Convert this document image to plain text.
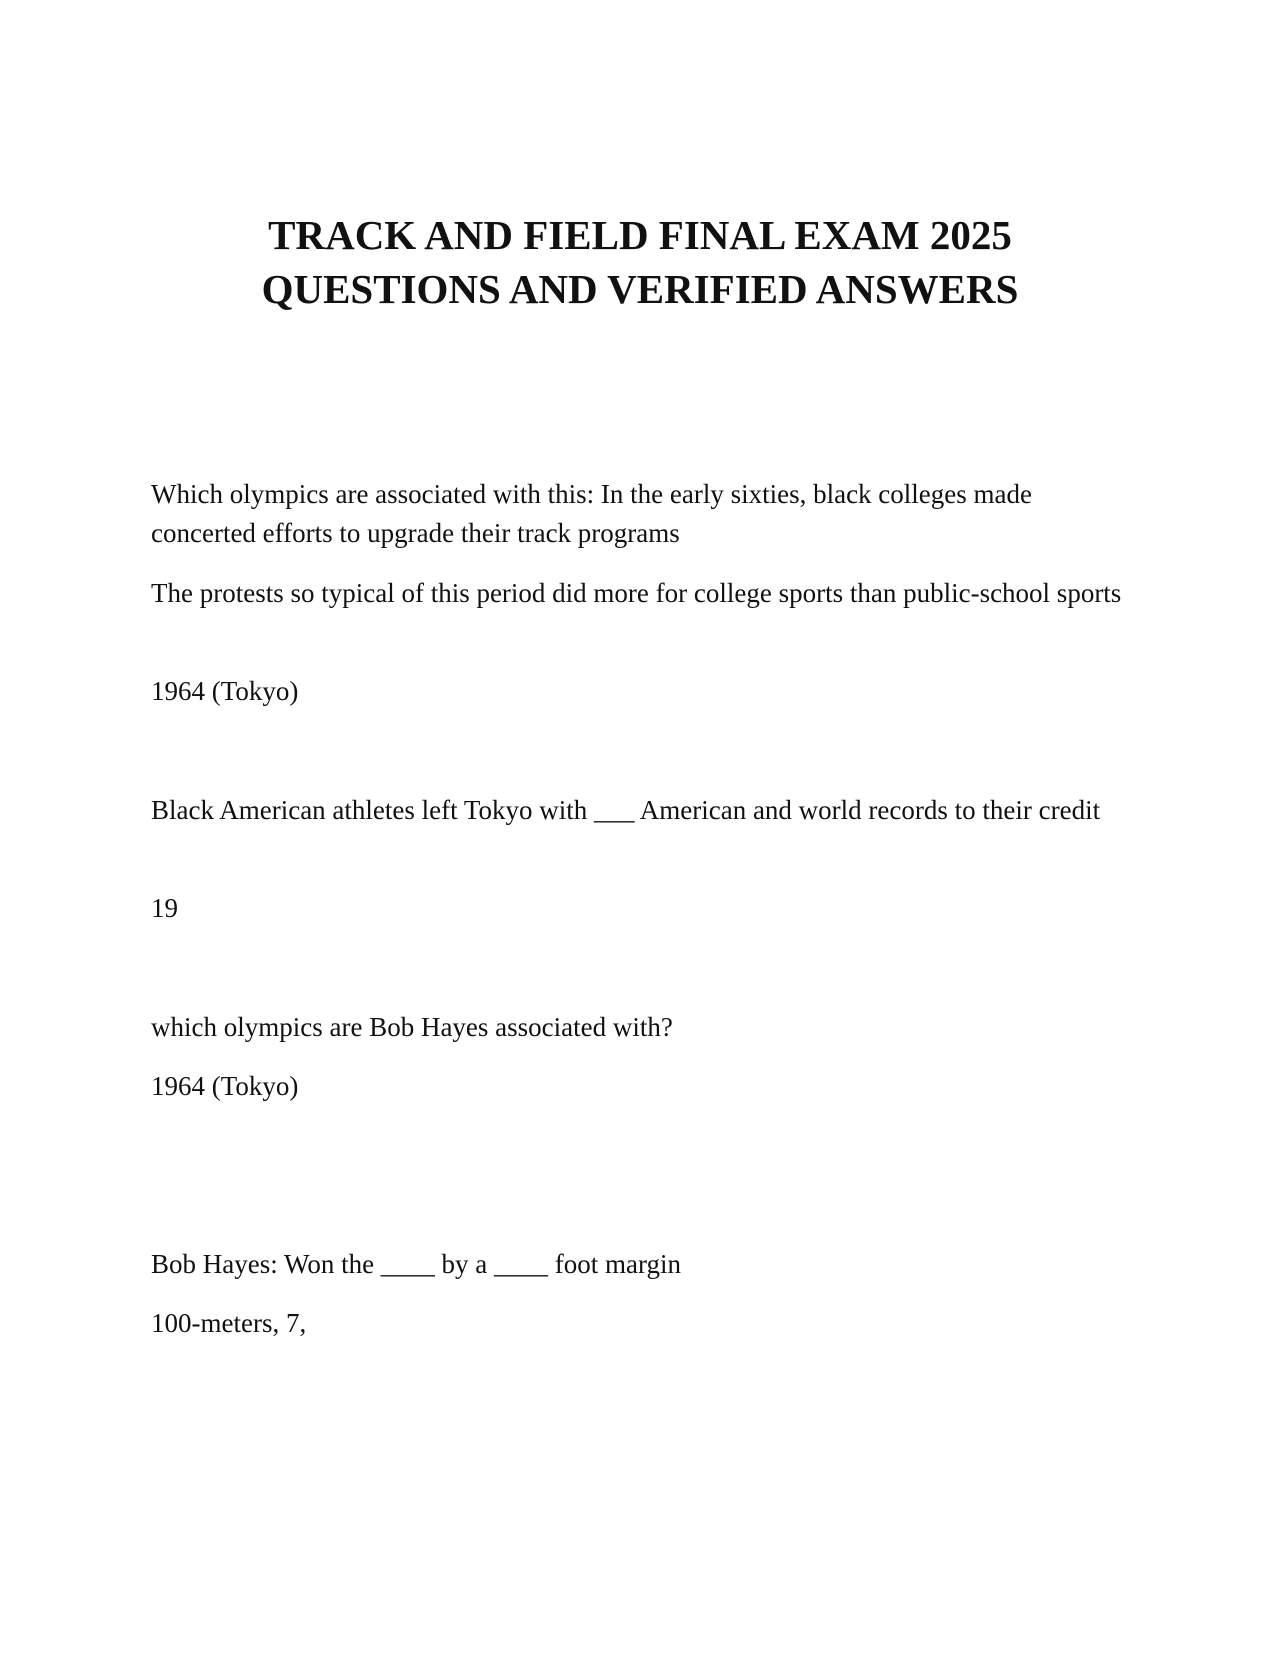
TRACK AND FIELD FINAL EXAM 2025
QUESTIONS AND VERIFIED ANSWERS

Which olympics are associated with this: In the early sixties, black colleges made concerted efforts to upgrade their track programs

The protests so typical of this period did more for college sports than public-school sports

1964 (Tokyo)

Black American athletes left Tokyo with ___ American and world records to their credit

19

which olympics are Bob Hayes associated with?

1964 (Tokyo)

Bob Hayes: Won the ____ by a ____ foot margin

100-meters, 7,
